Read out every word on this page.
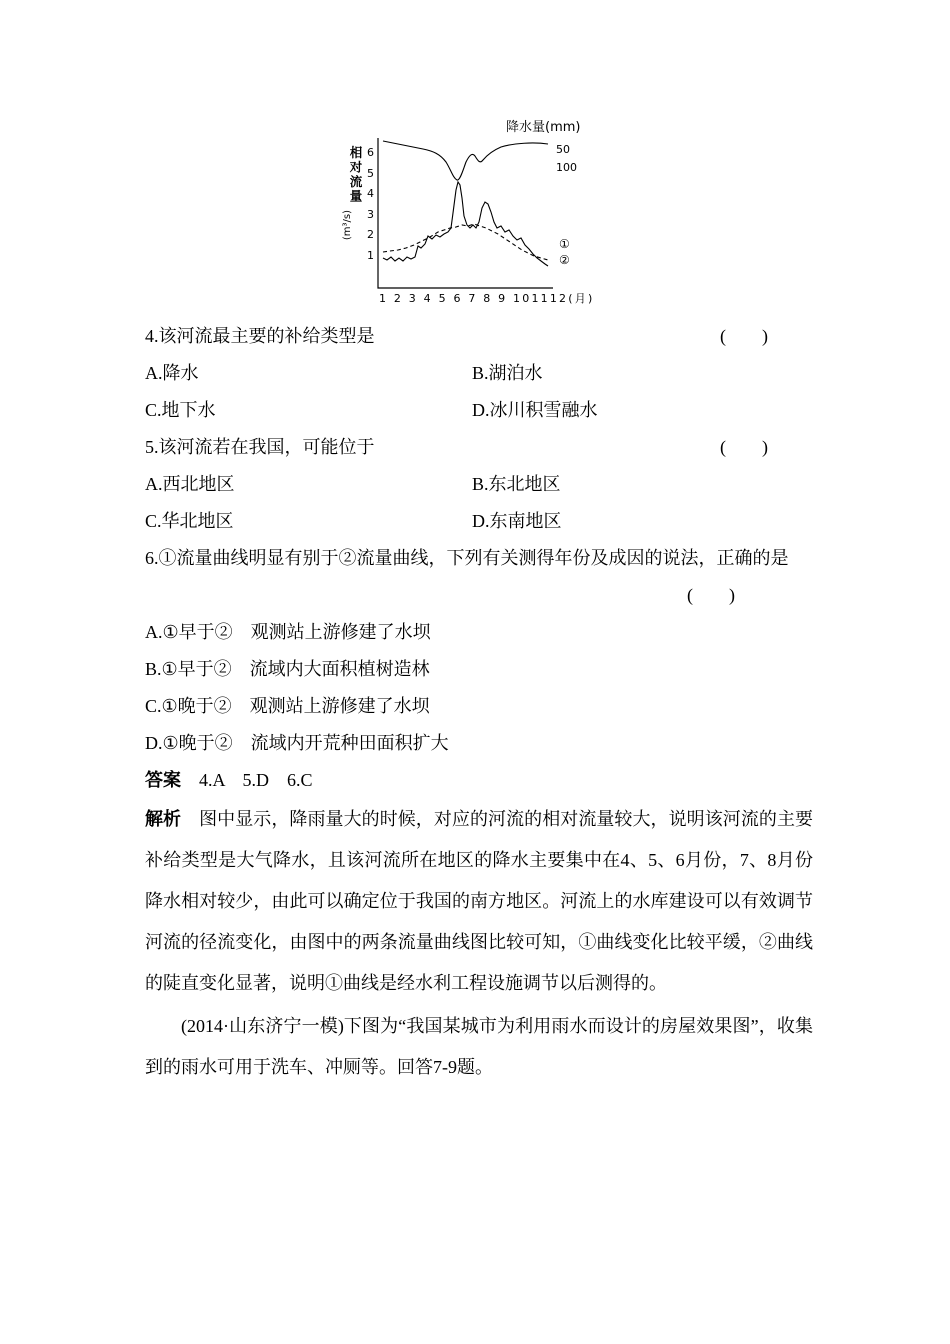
降水量(mm)
相对流量
(m³/s)
6
5
4
3
2
1
50
100
1 2 3 4 5 6 7 8 9 101112(月)
①
②
4.该河流最主要的补给类型是	(　　)
A.降水	B.湖泊水
C.地下水	D.冰川积雪融水
5.该河流若在我国，可能位于	(　　)
A.西北地区	B.东北地区
C.华北地区	D.东南地区
6.①流量曲线明显有别于②流量曲线，下列有关测得年份及成因的说法，正确的是
(　　)
A.①早于②　观测站上游修建了水坝
B.①早于②　流域内大面积植树造林
C.①晚于②　观测站上游修建了水坝
D.①晚于②　流域内开荒种田面积扩大
答案 4.A　5.D　6.C

解析 图中显示，降雨量大的时候，对应的河流的相对流量较大，说明该河流的主要补给类型是大气降水，且该河流所在地区的降水主要集中在4、5、6月份，7、8月份降水相对较少，由此可以确定位于我国的南方地区。河流上的水库建设可以有效调节河流的径流变化，由图中的两条流量曲线图比较可知，①曲线变化比较平缓，②曲线的陡直变化显著，说明①曲线是经水利工程设施调节以后测得的。

(2014·山东济宁一模)下图为“我国某城市为利用雨水而设计的房屋效果图”，收集到的雨水可用于洗车、冲厕等。回答7-9题。
